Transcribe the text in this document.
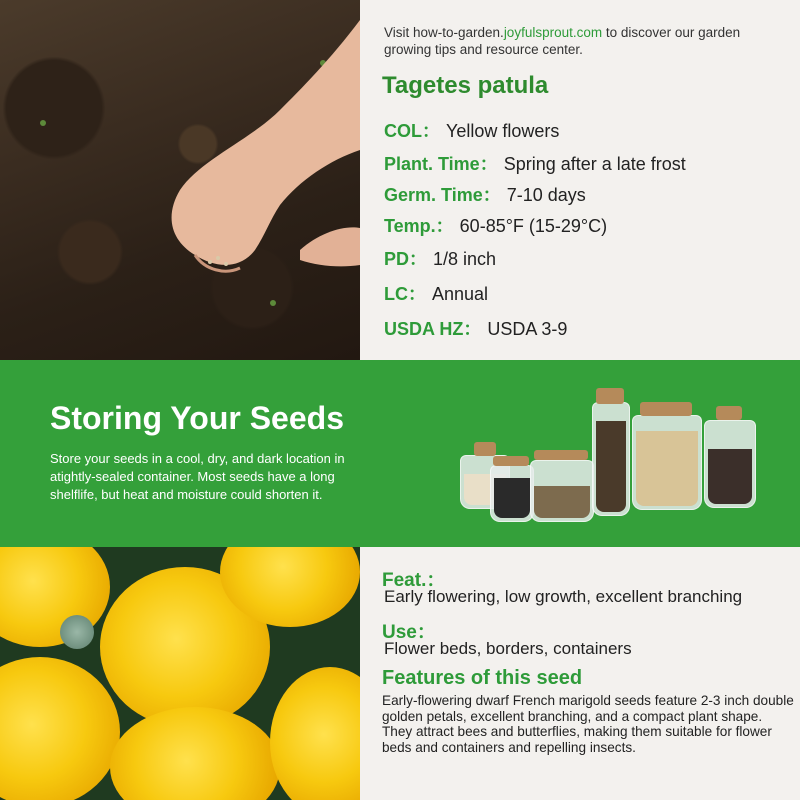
Visit how-to-garden.joyfulsprout.com to discover our garden growing tips and resource center.
Tagetes patula
COL： Yellow flowers
Plant. Time： Spring after a late frost
Germ. Time： 7-10 days
Temp.： 60-85°F (15-29°C)
PD： 1/8 inch
LC： Annual
USDA HZ： USDA 3-9
Storing Your Seeds
Store your seeds in a cool, dry, and dark location in atightly-sealed container. Most seeds have a long shelflife, but heat and moisture could shorten it.
Feat.：
Early flowering, low growth, excellent branching
Use：
Flower beds, borders, containers
Features of this seed
Early-flowering dwarf French marigold seeds feature 2-3 inch double golden petals, excellent branching, and a compact plant shape. They attract bees and butterflies, making them suitable for flower beds and containers and repelling insects.
